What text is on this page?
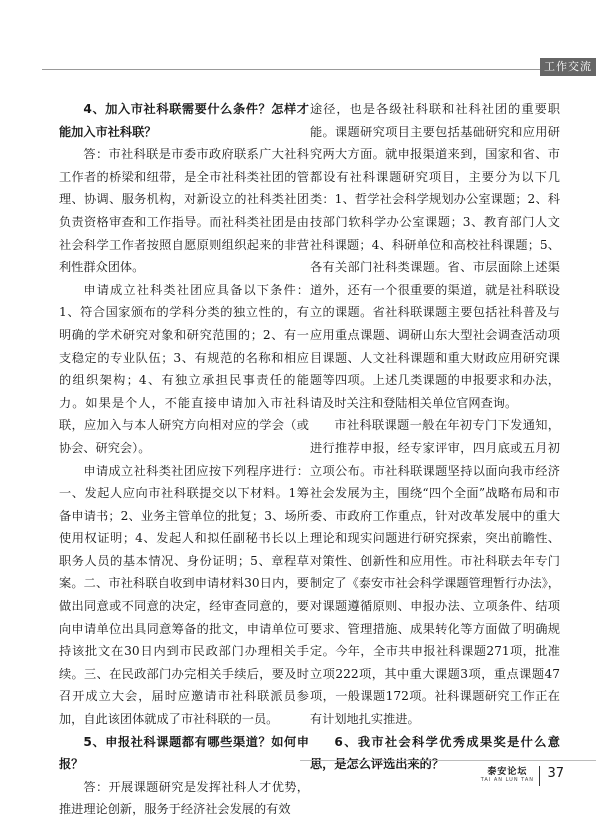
工作交流

4、加入市社科联需要什么条件？怎样才能加入市社科联？

答：市社科联是市委市政府联系广大社科工作者的桥梁和纽带，是全市社科类社团的管理、协调、服务机构，对新设立的社科类社团负责资格审查和工作指导。而社科类社团是由社会科学工作者按照自愿原则组织起来的非营利性群众团体。

申请成立社科类社团应具备以下条件：1、符合国家颁布的学科分类的独立性的，有明确的学术研究对象和研究范围的；2、有一支稳定的专业队伍；3、有规范的名称和相应的组织架构；4、有独立承担民事责任的能力。如果是个人，不能直接申请加入市社科联，应加入与本人研究方向相对应的学会（或协会、研究会）。

申请成立社科类社团应按下列程序进行：一、发起人应向市社科联提交以下材料。1筹备申请书；2、业务主管单位的批复；3、场所使用权证明；4、发起人和拟任副秘书长以上职务人员的基本情况、身份证明；5、章程草案。二、市社科联自收到申请材料30日内，要做出同意或不同意的决定，经审查同意的，要向申请单位出具同意筹备的批文，申请单位可持该批文在30日内到市民政部门办理相关手续。三、在民政部门办完相关手续后，要及时召开成立大会，届时应邀请市社科联派员参加，自此该团体就成了市社科联的一员。

5、申报社科课题都有哪些渠道？如何申报？

答：开展课题研究是发挥社科人才优势，推进理论创新，服务于经济社会发展的有效

途径，也是各级社科联和社科社团的重要职能。课题研究项目主要包括基础研究和应用研究两大方面。就申报渠道来到，国家和省、市都设有社科课题研究项目，主要分为以下几类：1、哲学社会科学规划办公室课题；2、科技部门软科学办公室课题；3、教育部门人文社科课题；4、科研单位和高校社科课题；5、各有关部门社科类课题。省、市层面除上述渠道外，还有一个很重要的渠道，就是社科联设立的课题。省社科联课题主要包括社科普及与应用重点课题、调研山东大型社会调查活动项目课题、人文社科课题和重大财政应用研究课题等四项。上述几类课题的申报要求和办法，请及时关注和登陆相关单位官网查询。

市社科联课题一般在年初专门下发通知，进行推荐申报，经专家评审，四月底或五月初立项公布。市社科联课题坚持以面向我市经济社会发展为主，围绕“四个全面”战略布局和市委、市政府工作重点，针对改革发展中的重大理论和现实问题进行研究探索，突出前瞻性、对策性、创新性和应用性。市社科联去年专门制定了《泰安市社会科学课题管理暂行办法》，对课题遵循原则、申报办法、立项条件、结项要求、管理措施、成果转化等方面做了明确规定。今年，全市共申报社科课题271项，批准立项222项，其中重大课题3项，重点课题47项，一般课题172项。社科课题研究工作正在有计划地扎实推进。

6、我市社会科学优秀成果奖是什么意思，是怎么评选出来的？

泰安论坛
TAI AN LUN TAN 37
